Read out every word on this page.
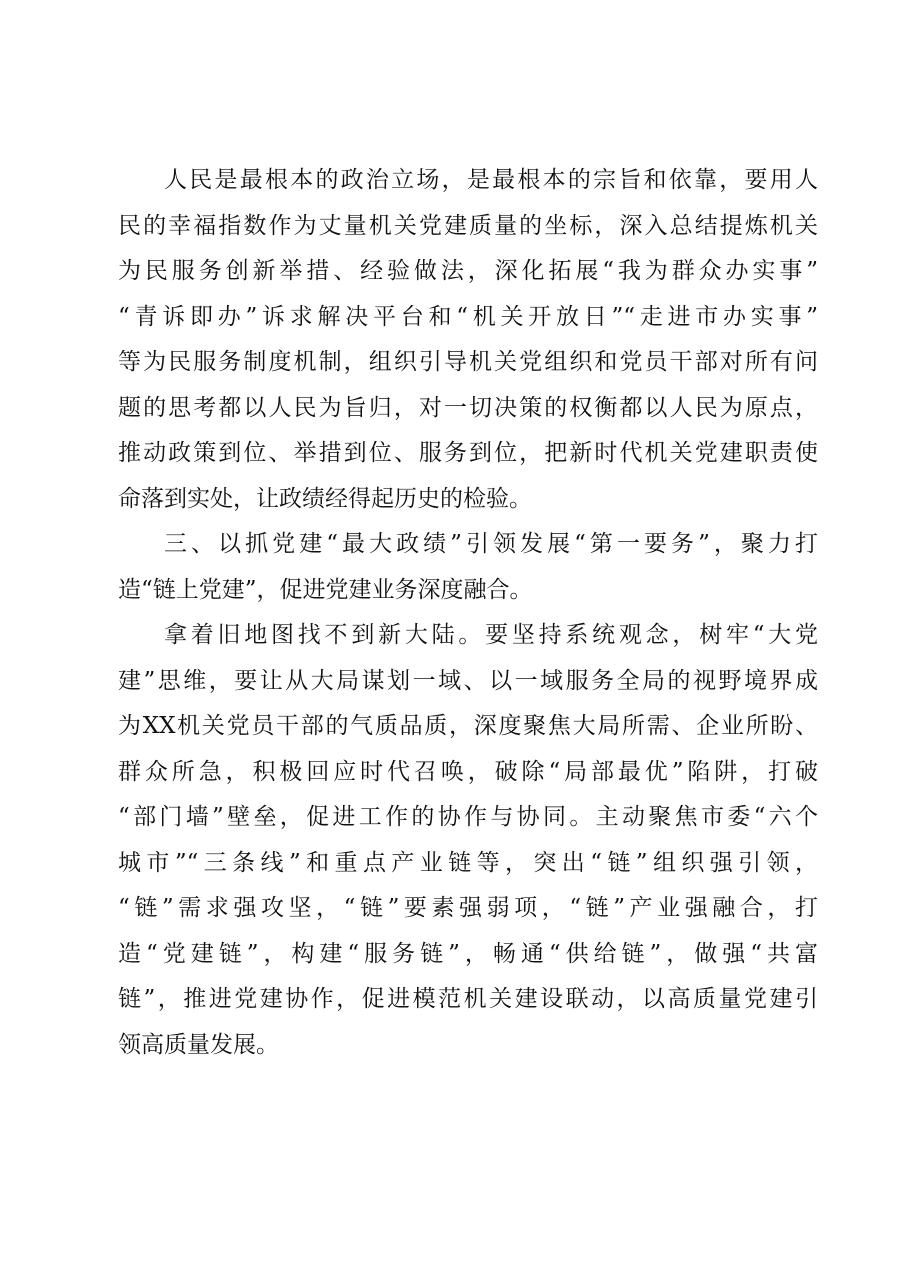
人民是最根本的政治立场，是最根本的宗旨和依靠，要用人
民的幸福指数作为丈量机关党建质量的坐标，深入总结提炼机关
为民服务创新举措、经验做法，深化拓展“我为群众办实事”
“青诉即办”诉求解决平台和“机关开放日”“走进市办实事”
等为民服务制度机制，组织引导机关党组织和党员干部对所有问
题的思考都以人民为旨归，对一切决策的权衡都以人民为原点，
推动政策到位、举措到位、服务到位，把新时代机关党建职责使
命落到实处，让政绩经得起历史的检验。
三、以抓党建“最大政绩”引领发展“第一要务”，聚力打
造“链上党建”，促进党建业务深度融合。
拿着旧地图找不到新大陆。要坚持系统观念，树牢“大党
建”思维，要让从大局谋划一域、以一域服务全局的视野境界成
为XX机关党员干部的气质品质，深度聚焦大局所需、企业所盼、
群众所急，积极回应时代召唤，破除“局部最优”陷阱，打破
“部门墙”壁垒，促进工作的协作与协同。主动聚焦市委“六个
城市”“三条线”和重点产业链等，突出“链”组织强引领，
“链”需求强攻坚，“链”要素强弱项，“链”产业强融合，打
造“党建链”，构建“服务链”，畅通“供给链”，做强“共富
链”，推进党建协作，促进模范机关建设联动，以高质量党建引
领高质量发展。
